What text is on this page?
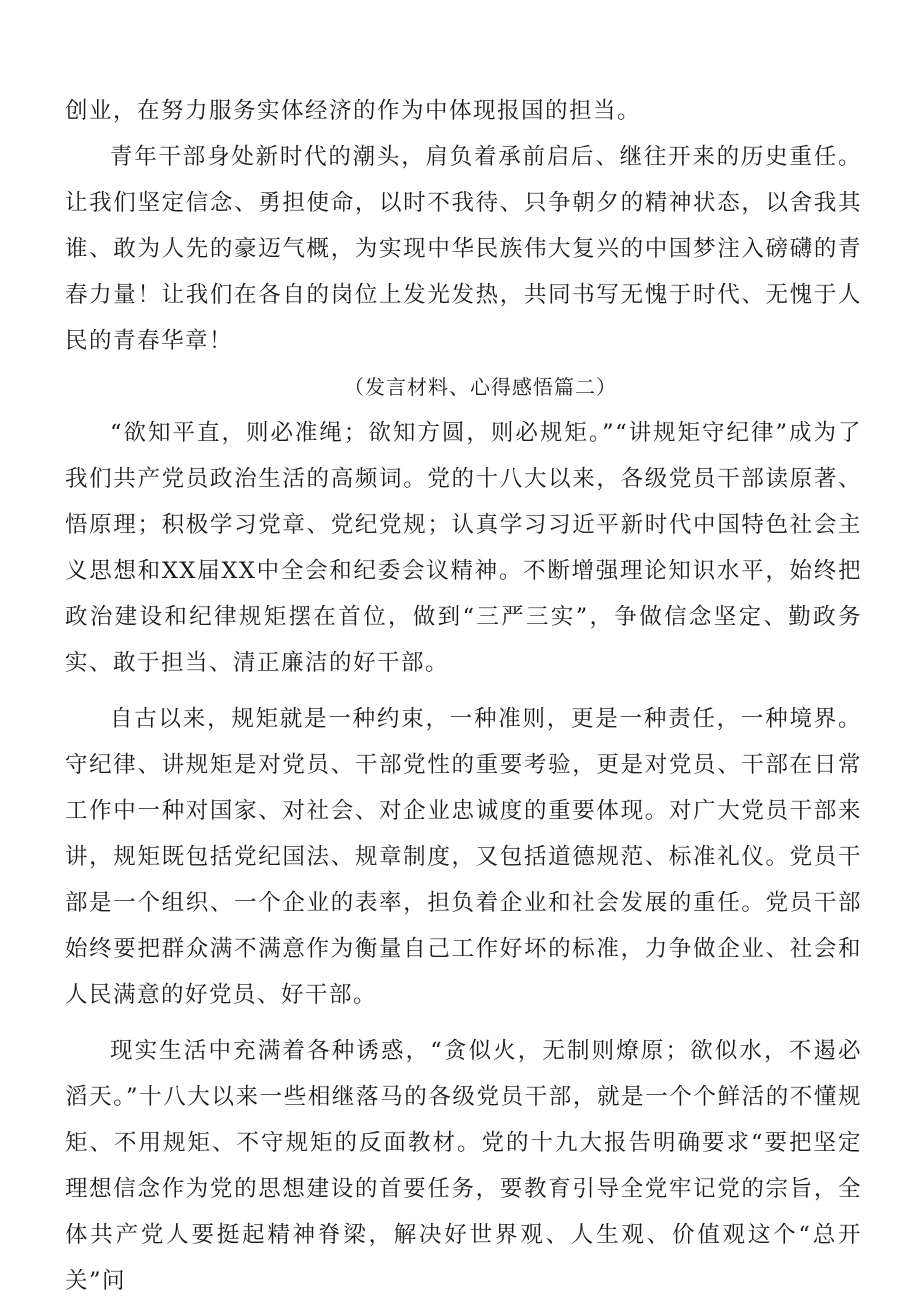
创业，在努力服务实体经济的作为中体现报国的担当。

青年干部身处新时代的潮头，肩负着承前启后、继往开来的历史重任。让我们坚定信念、勇担使命，以时不我待、只争朝夕的精神状态，以舍我其谁、敢为人先的豪迈气概，为实现中华民族伟大复兴的中国梦注入磅礴的青春力量！让我们在各自的岗位上发光发热，共同书写无愧于时代、无愧于人民的青春华章！

（发言材料、心得感悟篇二）

“欲知平直，则必准绳；欲知方圆，则必规矩。”“讲规矩守纪律”成为了我们共产党员政治生活的高频词。党的十八大以来，各级党员干部读原著、悟原理；积极学习党章、党纪党规；认真学习习近平新时代中国特色社会主义思想和XX届XX中全会和纪委会议精神。不断增强理论知识水平，始终把政治建设和纪律规矩摆在首位，做到“三严三实”，争做信念坚定、勤政务实、敢于担当、清正廉洁的好干部。

自古以来，规矩就是一种约束，一种准则，更是一种责任，一种境界。守纪律、讲规矩是对党员、干部党性的重要考验，更是对党员、干部在日常工作中一种对国家、对社会、对企业忠诚度的重要体现。对广大党员干部来讲，规矩既包括党纪国法、规章制度，又包括道德规范、标准礼仪。党员干部是一个组织、一个企业的表率，担负着企业和社会发展的重任。党员干部始终要把群众满不满意作为衡量自己工作好坏的标准，力争做企业、社会和人民满意的好党员、好干部。

现实生活中充满着各种诱惑，“贪似火，无制则燎原；欲似水，不遏必滔天。”十八大以来一些相继落马的各级党员干部，就是一个个鲜活的不懂规矩、不用规矩、不守规矩的反面教材。党的十九大报告明确要求“要把坚定理想信念作为党的思想建设的首要任务，要教育引导全党牢记党的宗旨，全体共产党人要挺起精神脊梁，解决好世界观、人生观、价值观这个“总开关”问
